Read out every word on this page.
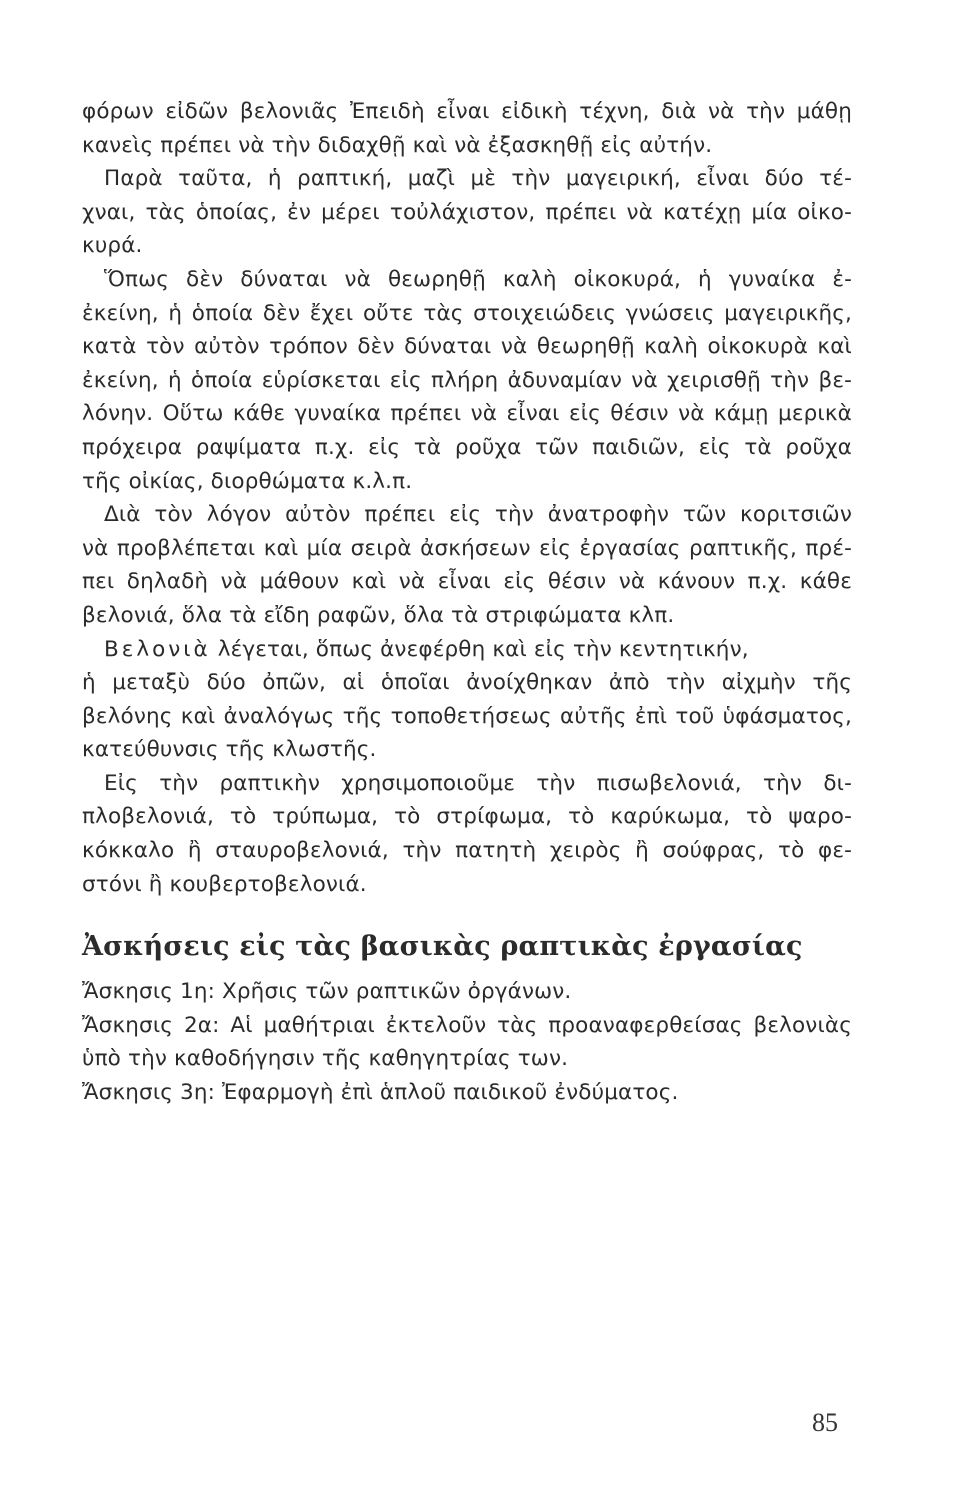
φόρων εἰδῶν βελονιᾶς Ἐπειδὴ εἶναι εἰδικὴ τέχνη, διὰ νὰ τὴν μάθῃ
κανεὶς πρέπει νὰ τὴν διδαχθῇ καὶ νὰ ἐξασκηθῇ εἰς αὐτήν.
Παρὰ ταῦτα, ἡ ραπτική, μαζὶ μὲ τὴν μαγειρική, εἶναι δύο τέ-
χναι, τὰς ὁποίας, ἐν μέρει τοὐλάχιστον, πρέπει νὰ κατέχῃ μία οἰκο-
κυρά.
Ὅπως δὲν δύναται νὰ θεωρηθῇ καλὴ οἰκοκυρά, ἡ γυναίκα ἐ-
ἐκείνη, ἡ ὁποία δὲν ἔχει οὔτε τὰς στοιχειώδεις γνώσεις μαγειρικῆς,
κατὰ τὸν αὐτὸν τρόπον δὲν δύναται νὰ θεωρηθῇ καλὴ οἰκοκυρὰ καὶ
ἐκείνη, ἡ ὁποία εὑρίσκεται εἰς πλήρη ἀδυναμίαν νὰ χειρισθῇ τὴν βε-
λόνην. Οὕτω κάθε γυναίκα πρέπει νὰ εἶναι εἰς θέσιν νὰ κάμῃ μερικὰ
πρόχειρα ραψίματα π.χ. εἰς τὰ ροῦχα τῶν παιδιῶν, εἰς τὰ ροῦχα
τῆς οἰκίας, διορθώματα κ.λ.π.
Διὰ τὸν λόγον αὐτὸν πρέπει εἰς τὴν ἀνατροφὴν τῶν κοριτσιῶν
νὰ προβλέπεται καὶ μία σειρὰ ἀσκήσεων εἰς ἐργασίας ραπτικῆς, πρέ-
πει δηλαδὴ νὰ μάθουν καὶ νὰ εἶναι εἰς θέσιν νὰ κάνουν π.χ. κάθε
βελονιά, ὅλα τὰ εἴδη ραφῶν, ὅλα τὰ στριφώματα κλπ.
Βελονιὰ λέγεται, ὅπως ἀνεφέρθη καὶ εἰς τὴν κεντητικήν,
ἡ μεταξὺ δύο ὀπῶν, αἱ ὁποῖαι ἀνοίχθηκαν ἀπὸ τὴν αἰχμὴν τῆς
βελόνης καὶ ἀναλόγως τῆς τοποθετήσεως αὐτῆς ἐπὶ τοῦ ὑφάσματος,
κατεύθυνσις τῆς κλωστῆς.
Εἰς τὴν ραπτικὴν χρησιμοποιοῦμε τὴν πισωβελονιά, τὴν δι-
πλοβελονιά, τὸ τρύπωμα, τὸ στρίφωμα, τὸ καρύκωμα, τὸ ψαρο-
κόκκαλο ἢ σταυροβελονιά, τὴν πατητὴ χειρὸς ἢ σούφρας, τὸ φε-
στόνι ἢ κουβερτοβελονιά.
Ἀσκήσεις εἰς τὰς βασικὰς ραπτικὰς ἐργασίας
Ἄσκησις 1η: Χρῆσις τῶν ραπτικῶν ὀργάνων.
Ἄσκησις 2α: Αἱ μαθήτριαι ἐκτελοῦν τὰς προαναφερθείσας βελονιὰς
ὑπὸ τὴν καθοδήγησιν τῆς καθηγητρίας των.
Ἄσκησις 3η: Ἐφαρμογὴ ἐπὶ ἁπλοῦ παιδικοῦ ἐνδύματος.
85
